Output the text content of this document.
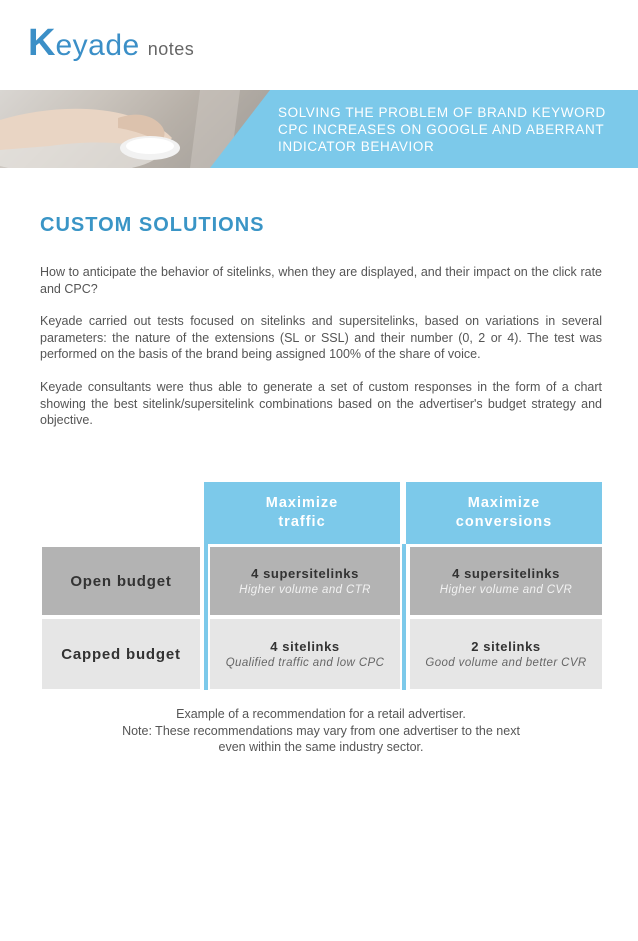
K eyade notes
SOLVING THE PROBLEM OF BRAND KEYWORD CPC INCREASES ON GOOGLE AND ABERRANT INDICATOR BEHAVIOR
CUSTOM SOLUTIONS
How to anticipate the behavior of sitelinks, when they are displayed, and their impact on the click rate and CPC?
Keyade carried out tests focused on sitelinks and supersitelinks, based on variations in several parameters: the nature of the extensions (SL or SSL) and their number (0, 2 or 4). The test was performed on the basis of the brand being assigned 100% of the share of voice.
Keyade consultants were thus able to generate a set of custom responses in the form of a chart showing the best sitelink/supersitelink combinations based on the advertiser's budget strategy and objective.
Maximize
traffic
Maximize
conversions
Open budget	4 supersitelinks
Higher volume and CTR
4 supersitelinks
Higher volume and CVR
Capped budget	4 sitelinks
Qualified traffic and low CPC
2 sitelinks
Good volume and better CVR
Example of a recommendation for a retail advertiser.
Note: These recommendations may vary from one advertiser to the next
even within the same industry sector.
